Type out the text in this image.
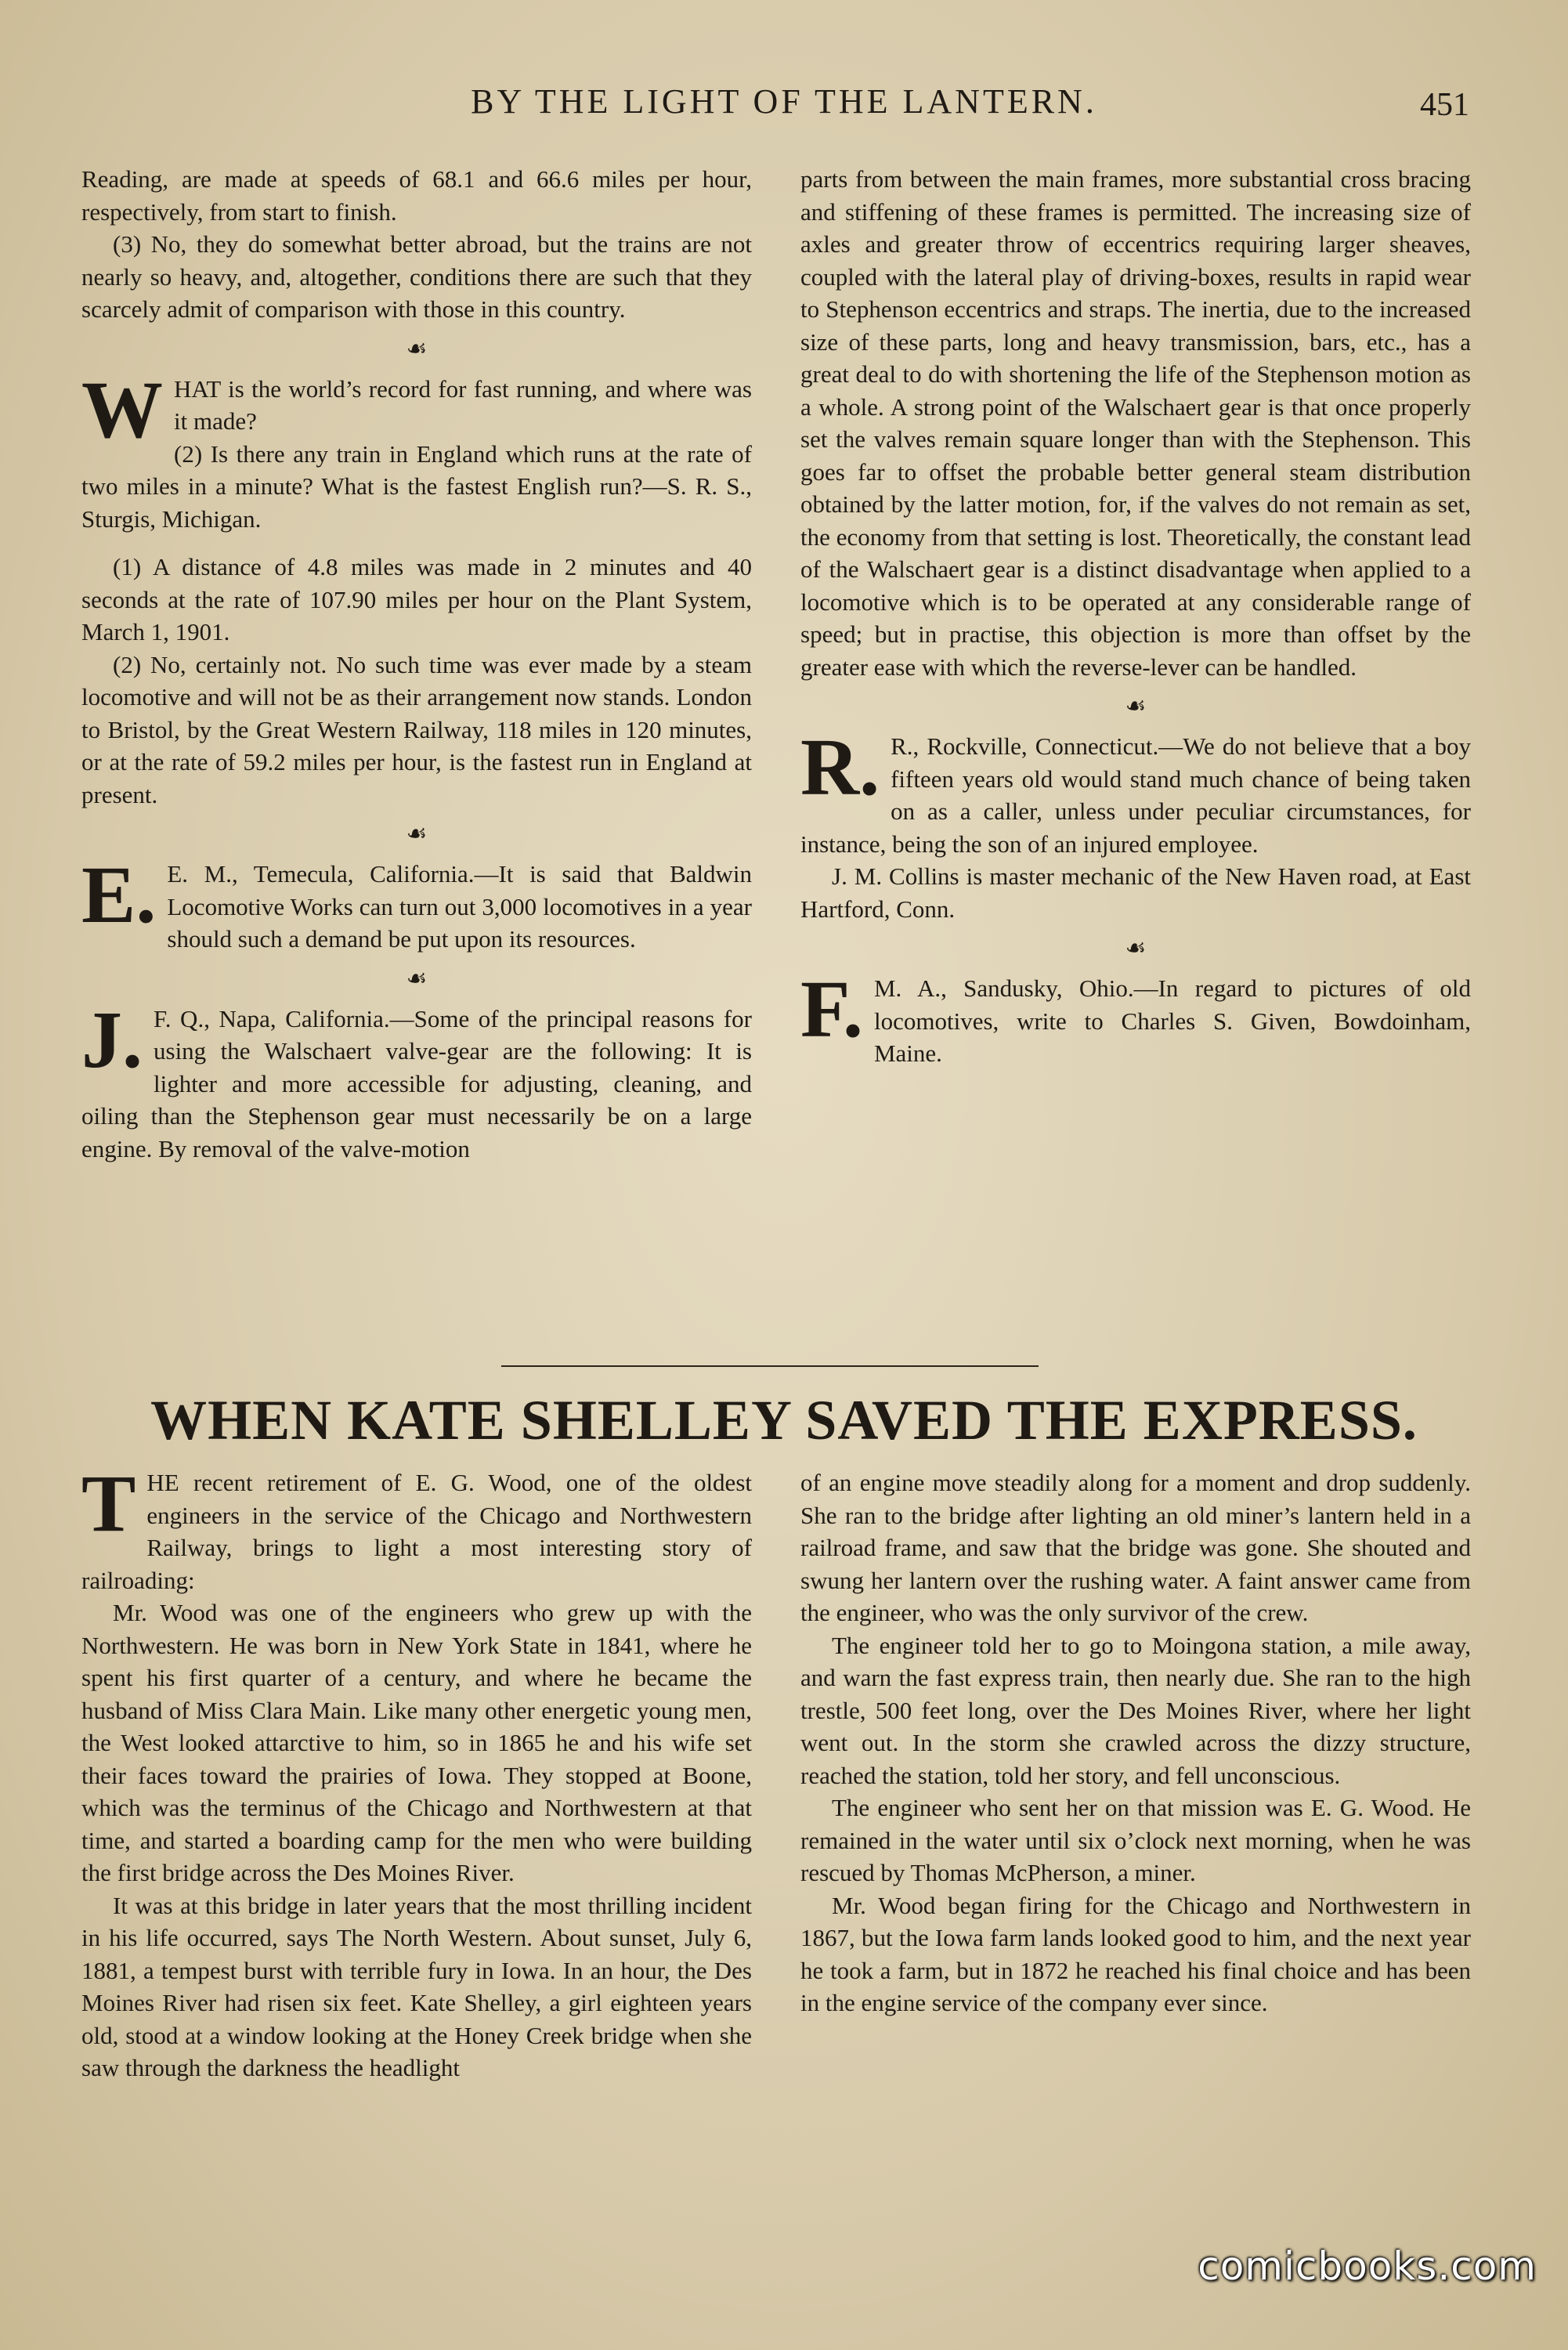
BY THE LIGHT OF THE LANTERN.	451

Reading, are made at speeds of 68.1 and 66.6 miles per hour, respectively, from start to finish.

(3) No, they do somewhat better abroad, but the trains are not nearly so heavy, and, altogether, conditions there are such that they scarcely admit of comparison with those in this country.

☙

WHAT is the world’s record for fast running, and where was it made?

(2) Is there any train in England which runs at the rate of two miles in a minute? What is the fastest English run?—S. R. S., Sturgis, Michigan.

(1) A distance of 4.8 miles was made in 2 minutes and 40 seconds at the rate of 107.90 miles per hour on the Plant System, March 1, 1901.

(2) No, certainly not. No such time was ever made by a steam locomotive and will not be as their arrangement now stands. London to Bristol, by the Great Western Railway, 118 miles in 120 minutes, or at the rate of 59.2 miles per hour, is the fastest run in England at present.

☙

E. E. M., Temecula, California.—It is said that Baldwin Locomotive Works can turn out 3,000 locomotives in a year should such a demand be put upon its resources.

☙

J. F. Q., Napa, California.—Some of the principal reasons for using the Walschaert valve-gear are the following: It is lighter and more accessible for adjusting, cleaning, and oiling than the Stephenson gear must necessarily be on a large engine. By removal of the valve-motion

parts from between the main frames, more substantial cross bracing and stiffening of these frames is permitted. The increasing size of axles and greater throw of eccentrics requiring larger sheaves, coupled with the lateral play of driving-boxes, results in rapid wear to Stephenson eccentrics and straps. The inertia, due to the increased size of these parts, long and heavy transmission, bars, etc., has a great deal to do with shortening the life of the Stephenson motion as a whole. A strong point of the Walschaert gear is that once properly set the valves remain square longer than with the Stephenson. This goes far to offset the probable better general steam distribution obtained by the latter motion, for, if the valves do not remain as set, the economy from that setting is lost. Theoretically, the constant lead of the Walschaert gear is a distinct disadvantage when applied to a locomotive which is to be operated at any considerable range of speed; but in practise, this objection is more than offset by the greater ease with which the reverse-lever can be handled.

☙

R. R., Rockville, Connecticut.—We do not believe that a boy fifteen years old would stand much chance of being taken on as a caller, unless under peculiar circumstances, for instance, being the son of an injured employee.

J. M. Collins is master mechanic of the New Haven road, at East Hartford, Conn.

☙

F. M. A., Sandusky, Ohio.—In regard to pictures of old locomotives, write to Charles S. Given, Bowdoinham, Maine.

WHEN KATE SHELLEY SAVED THE EXPRESS.

THE recent retirement of E. G. Wood, one of the oldest engineers in the service of the Chicago and Northwestern Railway, brings to light a most interesting story of railroading:

Mr. Wood was one of the engineers who grew up with the Northwestern. He was born in New York State in 1841, where he spent his first quarter of a century, and where he became the husband of Miss Clara Main. Like many other energetic young men, the West looked attarctive to him, so in 1865 he and his wife set their faces toward the prairies of Iowa. They stopped at Boone, which was the terminus of the Chicago and Northwestern at that time, and started a boarding camp for the men who were building the first bridge across the Des Moines River.

It was at this bridge in later years that the most thrilling incident in his life occurred, says The North Western. About sunset, July 6, 1881, a tempest burst with terrible fury in Iowa. In an hour, the Des Moines River had risen six feet. Kate Shelley, a girl eighteen years old, stood at a window looking at the Honey Creek bridge when she saw through the darkness the headlight

of an engine move steadily along for a moment and drop suddenly. She ran to the bridge after lighting an old miner’s lantern held in a railroad frame, and saw that the bridge was gone. She shouted and swung her lantern over the rushing water. A faint answer came from the engineer, who was the only survivor of the crew.

The engineer told her to go to Moingona station, a mile away, and warn the fast express train, then nearly due. She ran to the high trestle, 500 feet long, over the Des Moines River, where her light went out. In the storm she crawled across the dizzy structure, reached the station, told her story, and fell unconscious.

The engineer who sent her on that mission was E. G. Wood. He remained in the water until six o’clock next morning, when he was rescued by Thomas McPherson, a miner.

Mr. Wood began firing for the Chicago and Northwestern in 1867, but the Iowa farm lands looked good to him, and the next year he took a farm, but in 1872 he reached his final choice and has been in the engine service of the company ever since.

comicbooks.com
